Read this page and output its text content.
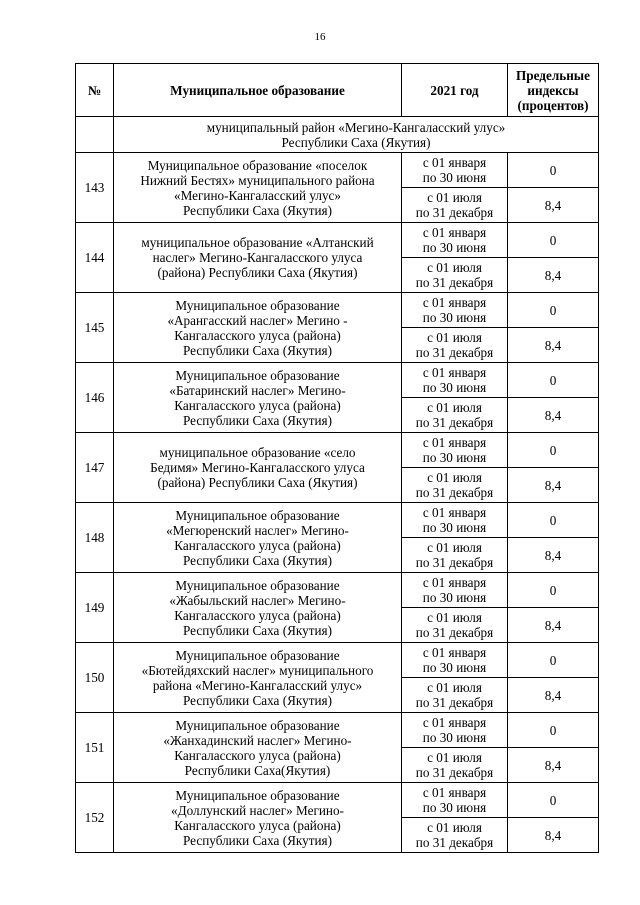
16
№	Муниципальное образование	2021 год	Предельные
индексы
(процентов)
	муниципальный район «Мегино-Кангаласский улус»
Республики Саха (Якутия)		
143	Муниципальное образование «поселок
Нижний Бестях» муниципального района
«Мегино-Кангаласский улус»
Республики Саха (Якутия)	с 01 января
по 30 июня	0
		с 01 июля
по 31 декабря	8,4
144	муниципальное образование «Алтанский
наслег» Мегино-Кангаласского улуса
(района) Республики Саха (Якутия)	с 01 января
по 30 июня	0
		с 01 июля
по 31 декабря	8,4
145	Муниципальное образование
«Арангасский наслег» Мегино -
Кангаласского улуса (района)
Республики Саха (Якутия)	с 01 января
по 30 июня	0
		с 01 июля
по 31 декабря	8,4
146	Муниципальное образование
«Батаринский наслег» Мегино-
Кангаласского улуса (района)
Республики Саха (Якутия)	с 01 января
по 30 июня	0
		с 01 июля
по 31 декабря	8,4
147	муниципальное образование «село
Бедимя» Мегино-Кангаласского улуса
(района) Республики Саха (Якутия)	с 01 января
по 30 июня	0
		с 01 июля
по 31 декабря	8,4
148	Муниципальное образование
«Мегюренский наслег» Мегино-
Кангаласского улуса (района)
Республики Саха (Якутия)	с 01 января
по 30 июня	0
		с 01 июля
по 31 декабря	8,4
149	Муниципальное образование
«Жабыльский наслег» Мегино-
Кангаласского улуса (района)
Республики Саха (Якутия)	с 01 января
по 30 июня	0
		с 01 июля
по 31 декабря	8,4
150	Муниципальное образование
«Бютейдяхский наслег» муниципального
района «Мегино-Кангаласский улус»
Республики Саха (Якутия)	с 01 января
по 30 июня	0
		с 01 июля
по 31 декабря	8,4
151	Муниципальное образование
«Жанхадинский наслег» Мегино-
Кангаласского улуса (района)
Республики Саха(Якутия)	с 01 января
по 30 июня	0
		с 01 июля
по 31 декабря	8,4
152	Муниципальное образование
«Доллунский наслег» Мегино-
Кангаласского улуса (района)
Республики Саха (Якутия)	с 01 января
по 30 июня	0
		с 01 июля
по 31 декабря	8,4
